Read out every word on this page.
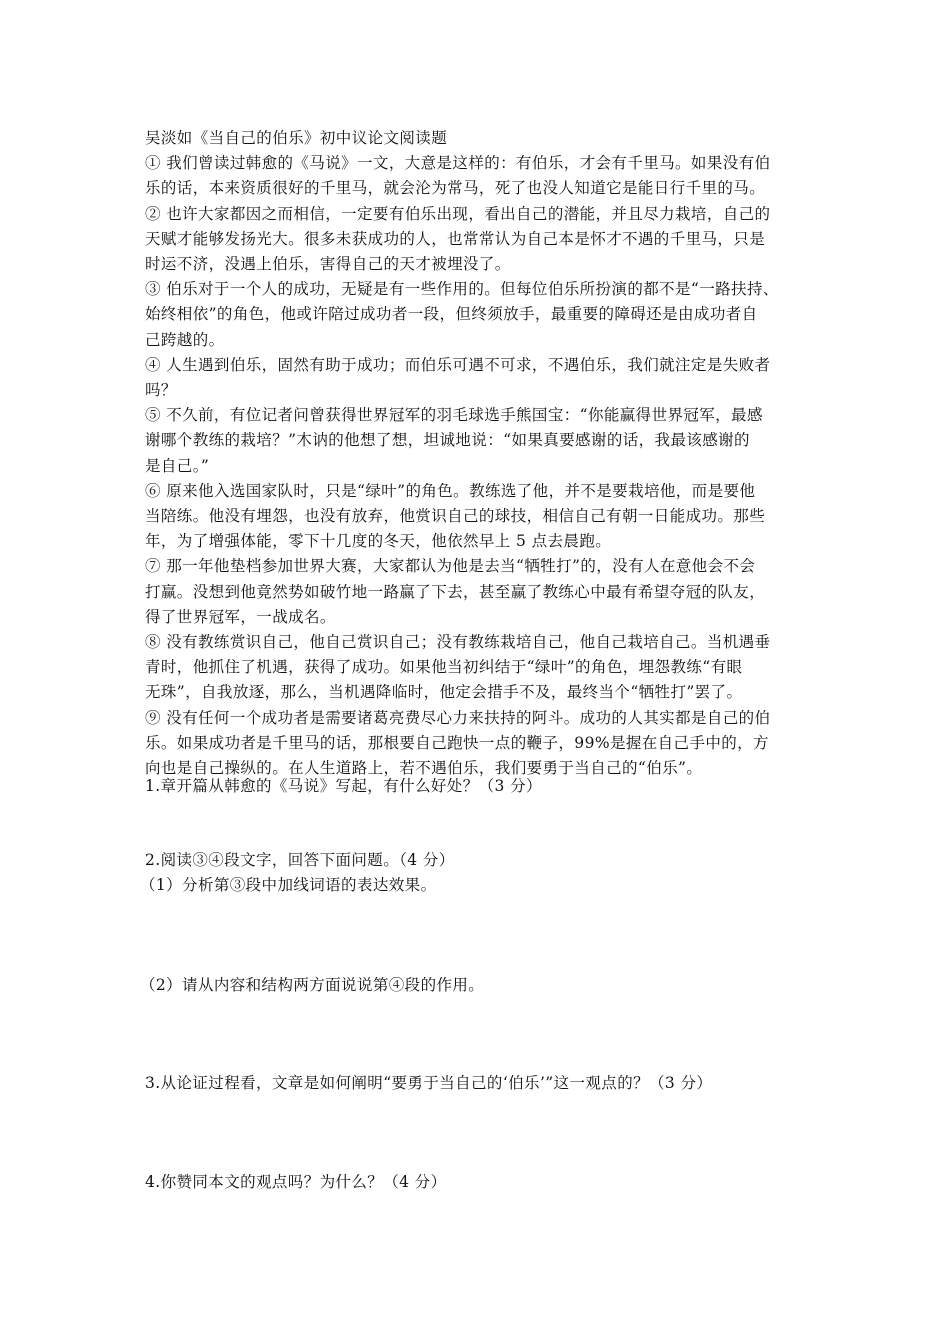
吴淡如《当自己的伯乐》初中议论文阅读题
① 我们曾读过韩愈的《马说》一文，大意是这样的：有伯乐，才会有千里马。如果没有伯
乐的话，本来资质很好的千里马，就会沦为常马，死了也没人知道它是能日行千里的马。
② 也许大家都因之而相信，一定要有伯乐出现，看出自己的潜能，并且尽力栽培，自己的
天赋才能够发扬光大。很多未获成功的人，也常常认为自己本是怀才不遇的千里马，只是
时运不济，没遇上伯乐，害得自己的天才被埋没了。
③ 伯乐对于一个人的成功，无疑是有一些作用的。但每位伯乐所扮演的都不是“一路扶持、
始终相依”的角色，他或许陪过成功者一段，但终须放手，最重要的障碍还是由成功者自
己跨越的。
④ 人生遇到伯乐，固然有助于成功；而伯乐可遇不可求，不遇伯乐，我们就注定是失败者
吗？
⑤ 不久前，有位记者问曾获得世界冠军的羽毛球选手熊国宝：“你能赢得世界冠军，最感
谢哪个教练的栽培？”木讷的他想了想，坦诚地说：“如果真要感谢的话，我最该感谢的
是自己。”
⑥ 原来他入选国家队时，只是“绿叶”的角色。教练选了他，并不是要栽培他，而是要他
当陪练。他没有埋怨，也没有放弃，他赏识自己的球技，相信自己有朝一日能成功。那些
年，为了增强体能，零下十几度的冬天，他依然早上 5 点去晨跑。
⑦ 那一年他垫档参加世界大赛，大家都认为他是去当“牺牲打”的，没有人在意他会不会
打赢。没想到他竟然势如破竹地一路赢了下去，甚至赢了教练心中最有希望夺冠的队友，
得了世界冠军，一战成名。
⑧ 没有教练赏识自己，他自己赏识自己；没有教练栽培自己，他自己栽培自己。当机遇垂
青时，他抓住了机遇，获得了成功。如果他当初纠结于“绿叶”的角色，埋怨教练“有眼
无珠”，自我放逐，那么，当机遇降临时，他定会措手不及，最终当个“牺牲打”罢了。
⑨ 没有任何一个成功者是需要诸葛亮费尽心力来扶持的阿斗。成功的人其实都是自己的伯
乐。如果成功者是千里马的话，那根要自己跑快一点的鞭子，99%是握在自己手中的，方
向也是自己操纵的。在人生道路上，若不遇伯乐，我们要勇于当自己的“伯乐”。
1.章开篇从韩愈的《马说》写起，有什么好处？（3 分）
2.阅读③④段文字，回答下面问题。（4 分）
（1）分析第③段中加线词语的表达效果。
（2）请从内容和结构两方面说说第④段的作用。
3.从论证过程看，文章是如何阐明“要勇于当自己的‘伯乐’”这一观点的？（3 分）
4.你赞同本文的观点吗？为什么？（4 分）
